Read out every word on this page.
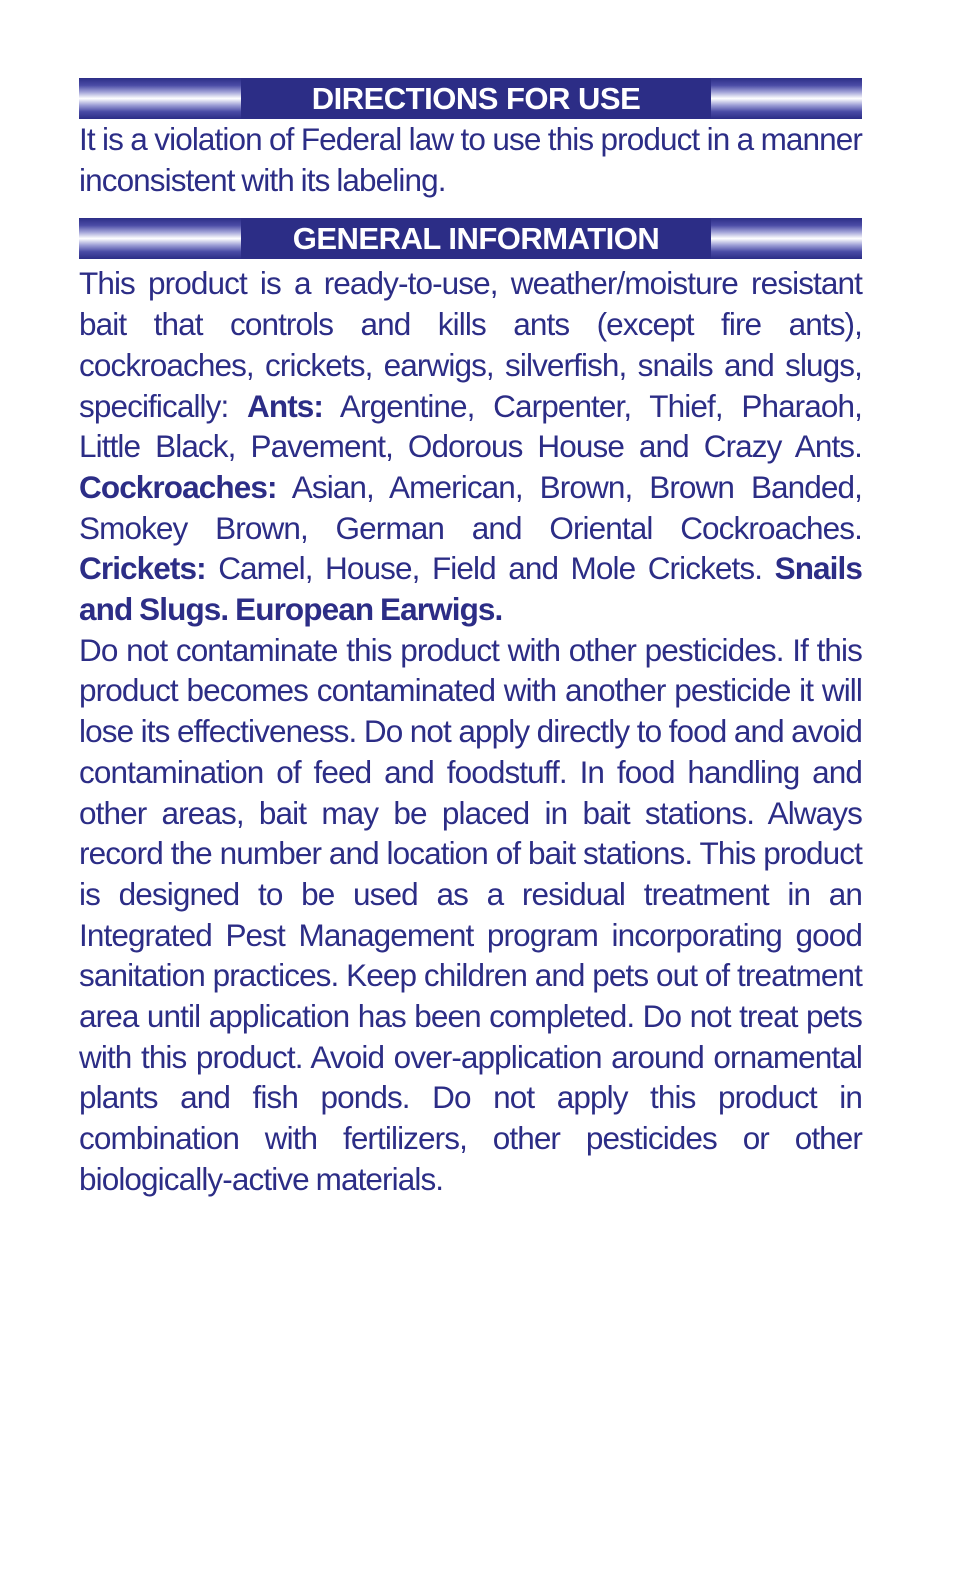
DIRECTIONS FOR USE

It is a violation of Federal law to use this product in a manner inconsistent with its labeling.

GENERAL INFORMATION

This product is a ready-to-use, weather/moisture resistant bait that controls and kills ants (except fire ants), cockroaches, crickets, earwigs, silverfish, snails and slugs, specifically: Ants: Argentine, Carpenter, Thief, Pharaoh, Little Black, Pavement, Odorous House and Crazy Ants. Cockroaches: Asian, American, Brown, Brown Banded, Smokey Brown, German and Oriental Cockroaches. Crickets: Camel, House, Field and Mole Crickets. Snails and Slugs. European Earwigs.

Do not contaminate this product with other pesticides. If this product becomes contaminated with another pesticide it will lose its effectiveness. Do not apply directly to food and avoid contamination of feed and foodstuff. In food handling and other areas, bait may be placed in bait stations. Always record the number and location of bait stations. This product is designed to be used as a residual treatment in an Integrated Pest Management program incorporating good sanitation practices. Keep children and pets out of treatment area until application has been completed. Do not treat pets with this product. Avoid over-application around ornamental plants and fish ponds. Do not apply this product in combination with fertilizers, other pesticides or other biologically-active materials.
